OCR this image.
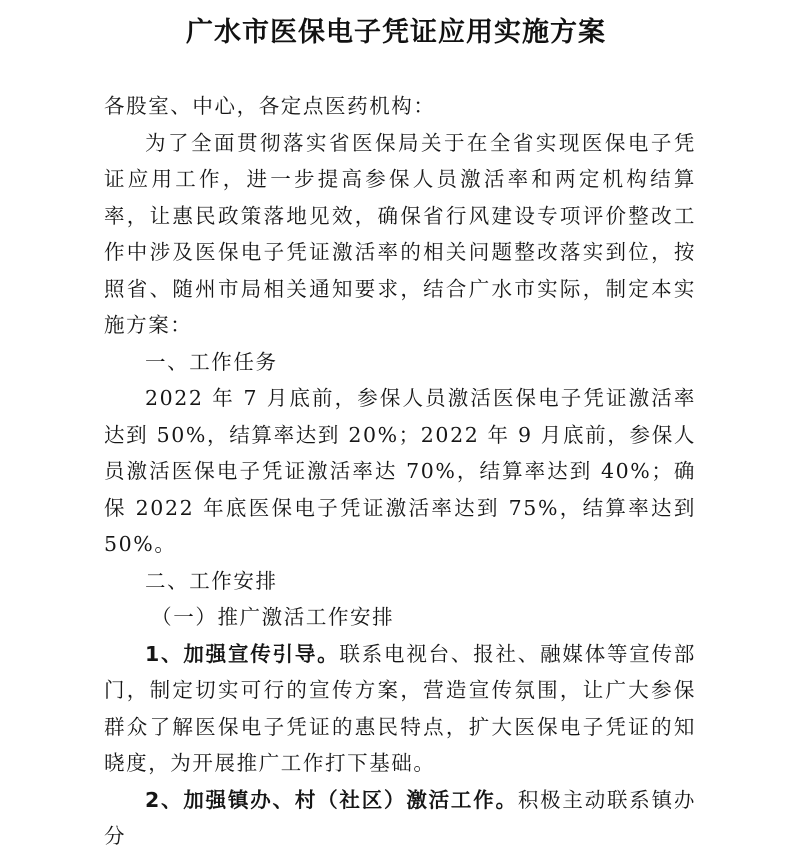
广水市医保电子凭证应用实施方案

各股室、中心，各定点医药机构：

为了全面贯彻落实省医保局关于在全省实现医保电子凭证应用工作，进一步提高参保人员激活率和两定机构结算率，让惠民政策落地见效，确保省行风建设专项评价整改工作中涉及医保电子凭证激活率的相关问题整改落实到位，按照省、随州市局相关通知要求，结合广水市实际，制定本实施方案：

一、工作任务

2022 年 7 月底前，参保人员激活医保电子凭证激活率达到 50%，结算率达到 20%；2022 年 9 月底前，参保人员激活医保电子凭证激活率达 70%，结算率达到 40%；确保 2022 年底医保电子凭证激活率达到 75%，结算率达到 50%。

二、工作安排

（一）推广激活工作安排

1、加强宣传引导。联系电视台、报社、融媒体等宣传部门，制定切实可行的宣传方案，营造宣传氛围，让广大参保群众了解医保电子凭证的惠民特点，扩大医保电子凭证的知晓度，为开展推广工作打下基础。

2、加强镇办、村（社区）激活工作。积极主动联系镇办分
